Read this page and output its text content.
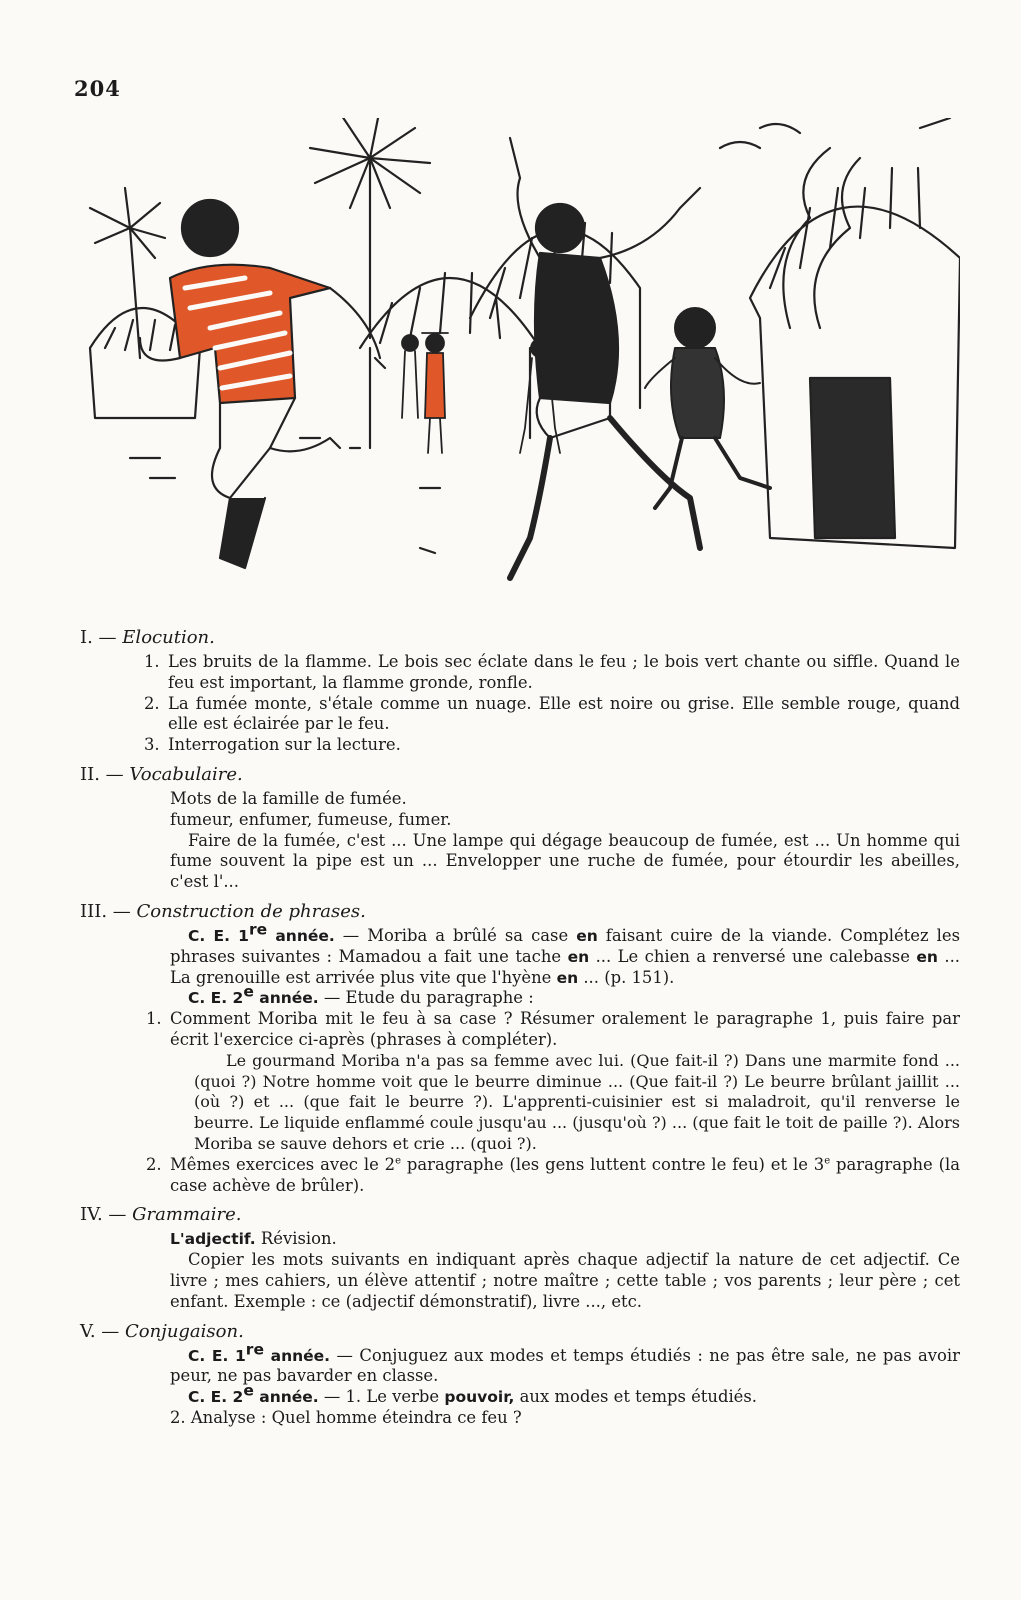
204
I. — Elocution.
1. Les bruits de la flamme. Le bois sec éclate dans le feu ; le bois vert chante ou siffle. Quand le feu est important, la flamme gronde, ronfle.
2. La fumée monte, s'étale comme un nuage. Elle est noire ou grise. Elle semble rouge, quand elle est éclairée par le feu.
3. Interrogation sur la lecture.
II. — Vocabulaire.
Mots de la famille de fumée.
fumeur, enfumer, fumeuse, fumer.
Faire de la fumée, c'est ... Une lampe qui dégage beaucoup de fumée, est ... Un homme qui fume souvent la pipe est un ... Envelopper une ruche de fumée, pour étourdir les abeilles, c'est l'...
III. — Construction de phrases.
C. E. 1re année. — Moriba a brûlé sa case en faisant cuire de la viande. Complétez les phrases suivantes : Mamadou a fait une tache en ... Le chien a renversé une calebasse en ... La grenouille est arrivée plus vite que l'hyène en ... (p. 151).
C. E. 2e année. — Etude du paragraphe :
1. Comment Moriba mit le feu à sa case ? Résumer oralement le paragraphe 1, puis faire par écrit l'exercice ci-après (phrases à compléter).
Le gourmand Moriba n'a pas sa femme avec lui. (Que fait-il ?) Dans une marmite fond ... (quoi ?) Notre homme voit que le beurre diminue ... (Que fait-il ?) Le beurre brûlant jaillit ... (où ?) et ... (que fait le beurre ?). L'apprenti-cuisinier est si maladroit, qu'il renverse le beurre. Le liquide enflammé coule jusqu'au ... (jusqu'où ?) ... (que fait le toit de paille ?). Alors Moriba se sauve dehors et crie ... (quoi ?).
2. Mêmes exercices avec le 2e paragraphe (les gens luttent contre le feu) et le 3e paragraphe (la case achève de brûler).
IV. — Grammaire.
L'adjectif. Révision.
Copier les mots suivants en indiquant après chaque adjectif la nature de cet adjectif. Ce livre ; mes cahiers, un élève attentif ; notre maître ; cette table ; vos parents ; leur père ; cet enfant. Exemple : ce (adjectif démonstratif), livre ..., etc.
V. — Conjugaison.
C. E. 1re année. — Conjuguez aux modes et temps étudiés : ne pas être sale, ne pas avoir peur, ne pas bavarder en classe.
C. E. 2e année. — 1. Le verbe pouvoir, aux modes et temps étudiés.
2. Analyse : Quel homme éteindra ce feu ?
